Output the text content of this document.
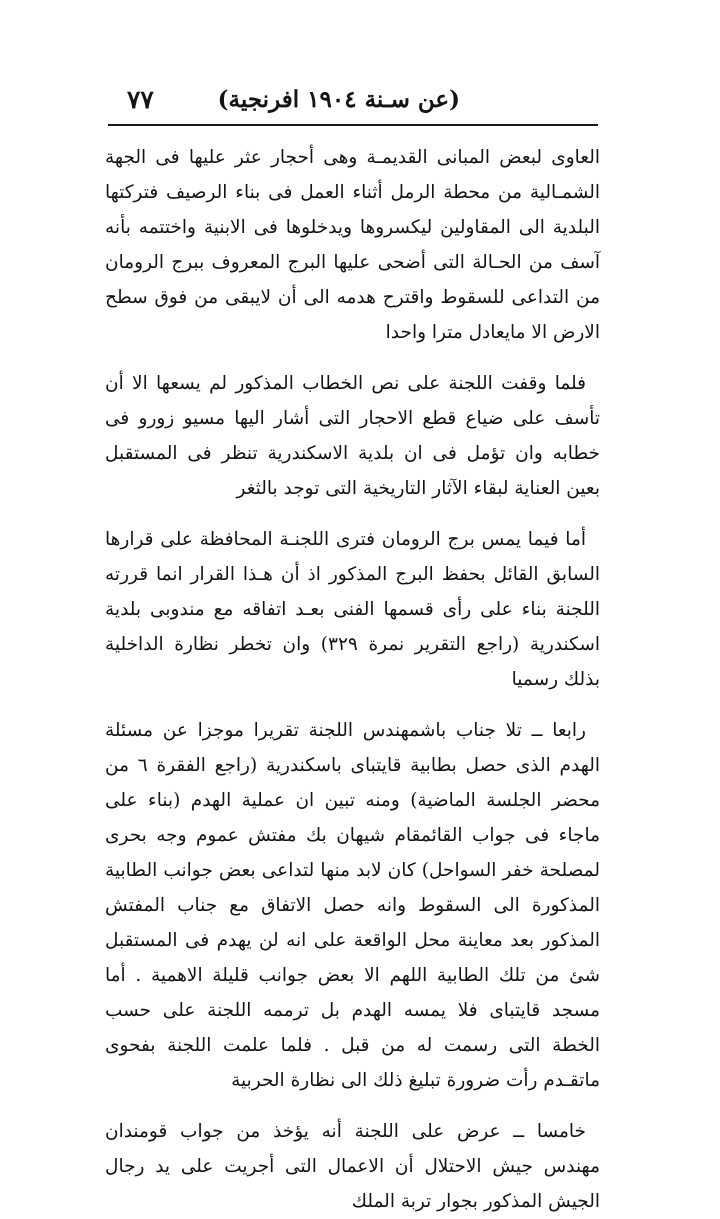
٧٧	(عن سـنة ١٩٠٤ افرنجية)

العاوى لبعض المبانى القديمـة وهى أحجار عثر عليها فى الجهة الشمـالية من محطة الرمل أثناء العمل فى بناء الرصيف فتركتها البلدية الى المقاولين ليكسروها ويدخلوها فى الابنية واختتمه بأنه آسف من الحـالة التى أضحى عليها البرج المعروف ببرج الرومان من التداعى للسقوط واقترح هدمه الى أن لايبقى من فوق سطح الارض الا مايعادل مترا واحدا

فلما وقفت اللجنة على نص الخطاب المذكور لم يسعها الا أن تأسف على ضياع قطع الاحجار التى أشار اليها مسيو زورو فى خطابه وان تؤمل فى ان بلدية الاسكندرية تنظر فى المستقبل بعين العناية لبقاء الآثار التاريخية التى توجد بالثغر

أما فيما يمس برج الرومان فترى اللجنـة المحافظة على قرارها السابق القائل بحفظ البرج المذكور اذ أن هـذا القرار انما قررته اللجنة بناء على رأى قسمها الفنى بعـد اتفاقه مع مندوبى بلدية اسكندرية (راجع التقرير نمرة ٣٢٩) وان تخطر نظارة الداخلية بذلك رسميا

رابعا ــ تلا جناب باشمهندس اللجنة تقريرا موجزا عن مسئلة الهدم الذى حصل بطابية قايتباى باسكندرية (راجع الفقرة ٦ من محضر الجلسة الماضية) ومنه تبين ان عملية الهدم (بناء على ماجاء فى جواب القائمقام شيهان بك مفتش عموم وجه بحرى لمصلحة خفر السواحل) كان لابد منها لتداعى بعض جوانب الطابية المذكورة الى السقوط وانه حصل الاتفاق مع جناب المفتش المذكور بعد معاينة محل الواقعة على انه لن يهدم فى المستقبل شئ من تلك الطابية اللهم الا بعض جوانب قليلة الاهمية . أما مسجد قايتباى فلا يمسه الهدم بل ترممه اللجنة على حسب الخطة التى رسمت له من قبل . فلما علمت اللجنة بفحوى ماتقـدم رأت ضرورة تبليغ ذلك الى نظارة الحربية

خامسا ــ عرض على اللجنة أنه يؤخذ من جواب قومندان مهندس جيش الاحتلال أن الاعمال التى أجريت على يد رجال الجيش المذكور بجوار تربة الملك
